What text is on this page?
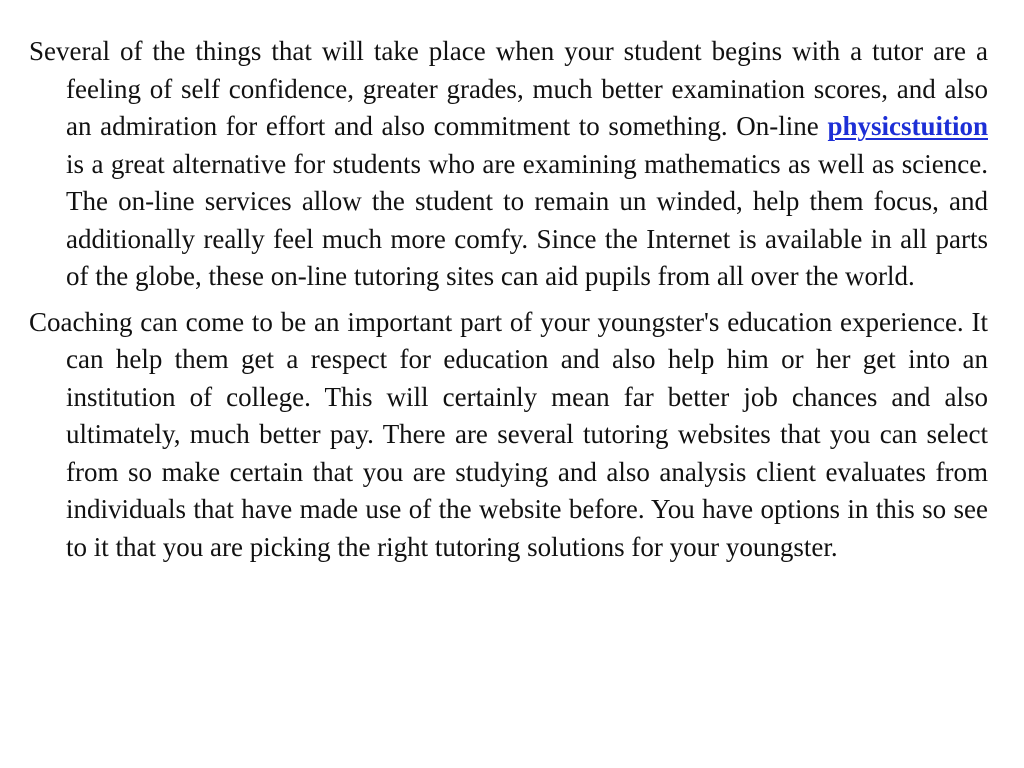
Several of the things that will take place when your student begins with a tutor are a feeling of self confidence, greater grades, much better examination scores, and also an admiration for effort and also commitment to something. On-line physicstuition is a great alternative for students who are examining mathematics as well as science. The on-line services allow the student to remain un winded, help them focus, and additionally really feel much more comfy. Since the Internet is available in all parts of the globe, these on-line tutoring sites can aid pupils from all over the world.

Coaching can come to be an important part of your youngster's education experience. It can help them get a respect for education and also help him or her get into an institution of college. This will certainly mean far better job chances and also ultimately, much better pay. There are several tutoring websites that you can select from so make certain that you are studying and also analysis client evaluates from individuals that have made use of the website before. You have options in this so see to it that you are picking the right tutoring solutions for your youngster.
